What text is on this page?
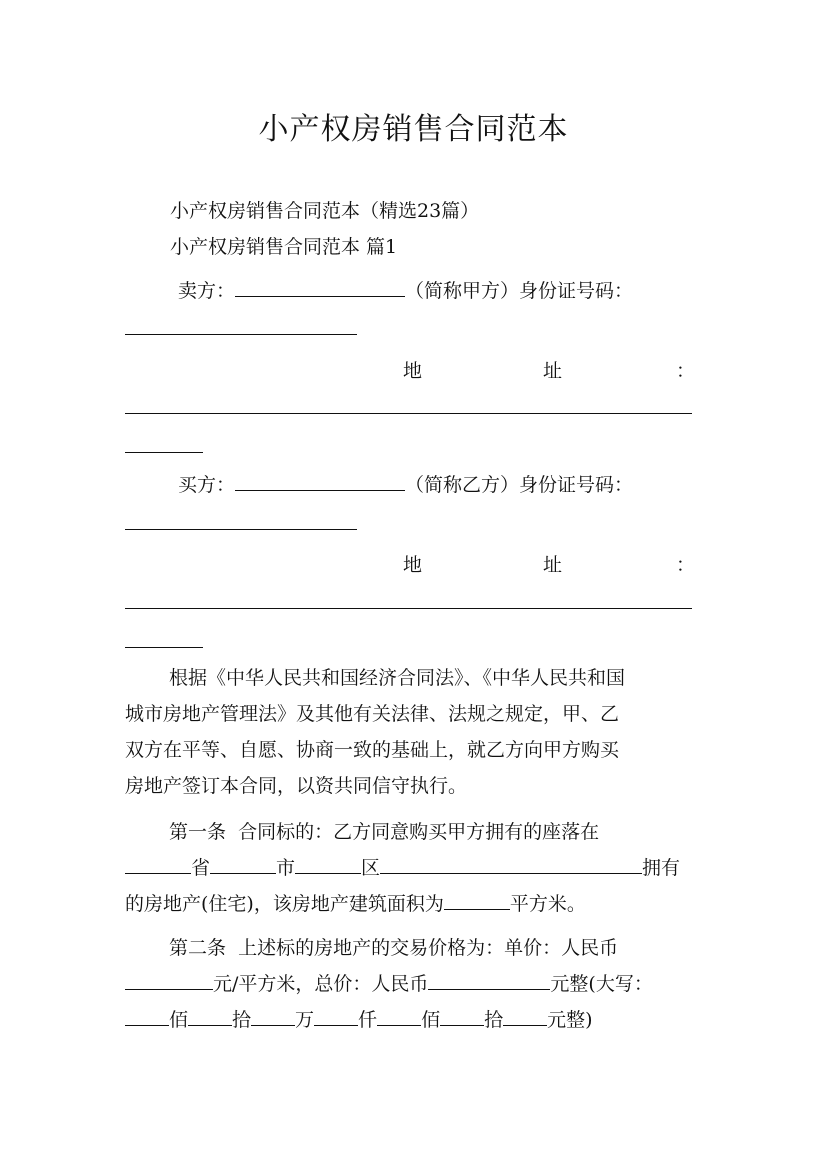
小产权房销售合同范本
小产权房销售合同范本（精选23篇）
小产权房销售合同范本 篇1
卖方：	（简称甲方）身份证号码：
地	址	：
买方：	（简称乙方）身份证号码：
地	址	：
根据《中华人民共和国经济合同法》、《中华人民共和国
城市房地产管理法》及其他有关法律、法规之规定，甲、乙
双方在平等、自愿、协商一致的基础上，就乙方向甲方购买
房地产签订本合同，以资共同信守执行。
第一条  合同标的：乙方同意购买甲方拥有的座落在
省	市	区	拥有
的房地产(住宅)，该房地产建筑面积为	平方米。
第二条  上述标的房地产的交易价格为：单价：人民币
元/平方米，总价：人民币	元整(大写：
佰 拾 万 仟 佰 拾 元整)
